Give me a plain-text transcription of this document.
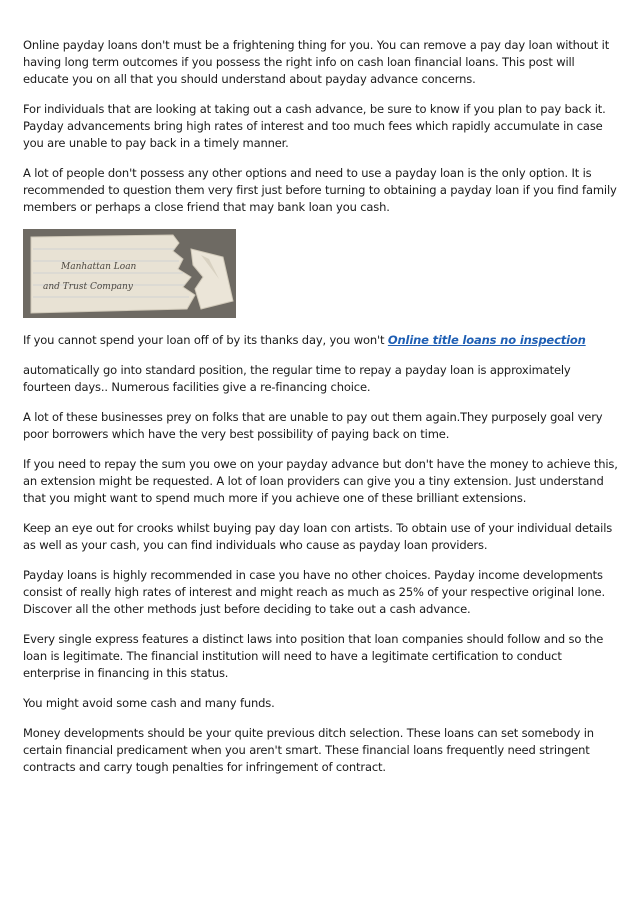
Online payday loans don't must be a frightening thing for you. You can remove a pay day loan without it having long term outcomes if you possess the right info on cash loan financial loans. This post will educate you on all that you should understand about payday advance concerns.

For individuals that are looking at taking out a cash advance, be sure to know if you plan to pay back it. Payday advancements bring high rates of interest and too much fees which rapidly accumulate in case you are unable to pay back in a timely manner.

A lot of people don't possess any other options and need to use a payday loan is the only option. It is recommended to question them very first just before turning to obtaining a payday loan if you find family members or perhaps a close friend that may bank loan you cash.

Manhattan Loan
and Trust Company

If you cannot spend your loan off of by its thanks day, you won't Online title loans no inspection

automatically go into standard position, the regular time to repay a payday loan is approximately fourteen days.. Numerous facilities give a re-financing choice.

A lot of these businesses prey on folks that are unable to pay out them again.They purposely goal very poor borrowers which have the very best possibility of paying back on time.

If you need to repay the sum you owe on your payday advance but don't have the money to achieve this, an extension might be requested. A lot of loan providers can give you a tiny extension. Just understand that you might want to spend much more if you achieve one of these brilliant extensions.

Keep an eye out for crooks whilst buying pay day loan con artists. To obtain use of your individual details as well as your cash, you can find individuals who cause as payday loan providers.

Payday loans is highly recommended in case you have no other choices. Payday income developments consist of really high rates of interest and might reach as much as 25% of your respective original lone. Discover all the other methods just before deciding to take out a cash advance.

Every single express features a distinct laws into position that loan companies should follow and so the loan is legitimate. The financial institution will need to have a legitimate certification to conduct enterprise in financing in this status.

You might avoid some cash and many funds.

Money developments should be your quite previous ditch selection. These loans can set somebody in certain financial predicament when you aren't smart. These financial loans frequently need stringent contracts and carry tough penalties for infringement of contract.
